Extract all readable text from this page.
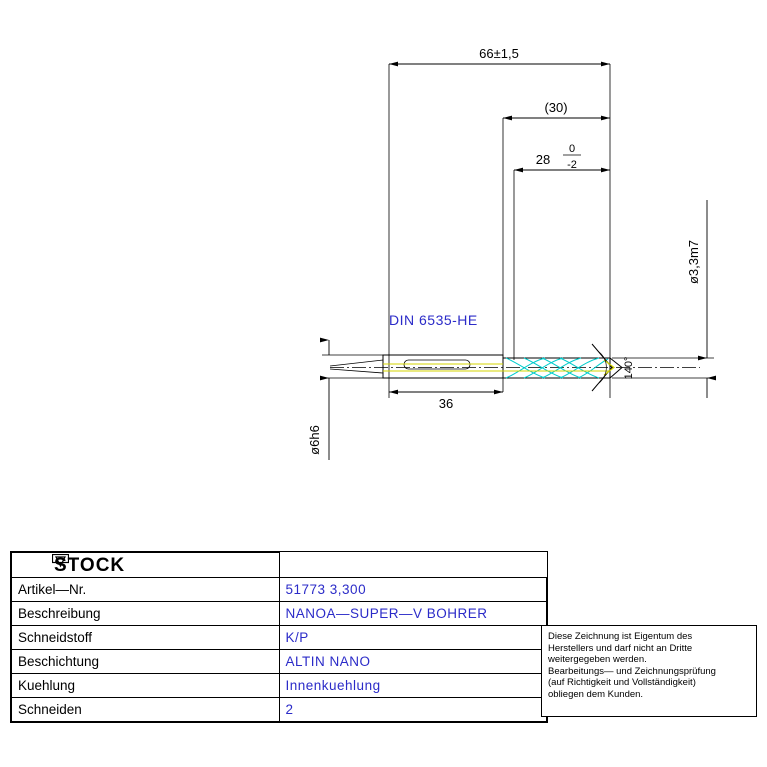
66±1,5
(30)
28
0
-2
36
ø6h6
ø3,3m7
140°
DIN 6535-HE
STOCK	

Artikel—Nr.	51773 3,300
Beschreibung	NANOA—SUPER—V BOHRER
Schneidstoff	K/P
Beschichtung	ALTIN NANO
Kuehlung	Innenkuehlung
Schneiden	2

Diese Zeichnung ist Eigentum des

Herstellers und darf nicht an Dritte

weitergegeben werden.

Bearbeitungs— und Zeichnungsprüfung

(auf Richtigkeit und Vollständigkeit)

obliegen dem Kunden.
